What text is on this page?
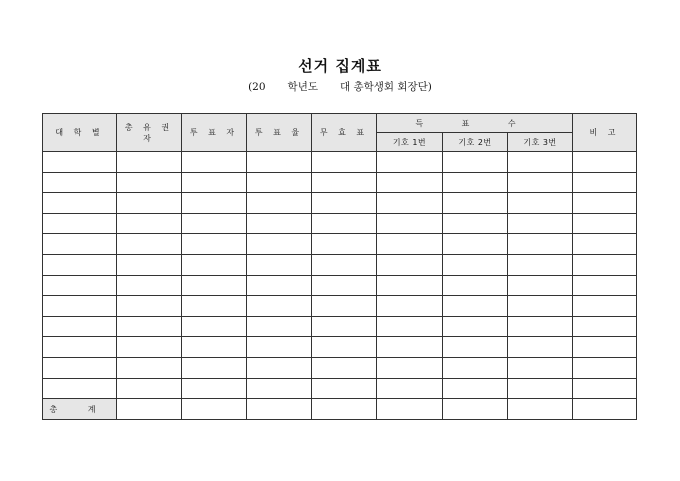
선거 집계표
(20 학년도 대 총학생회 회장단)
대 학 별	총 유 권 자	투 표 자	투 표 율	무 효 표	득 표 수			비 고
					기호 1번	기호 2번	기호 3번	

총 계								
